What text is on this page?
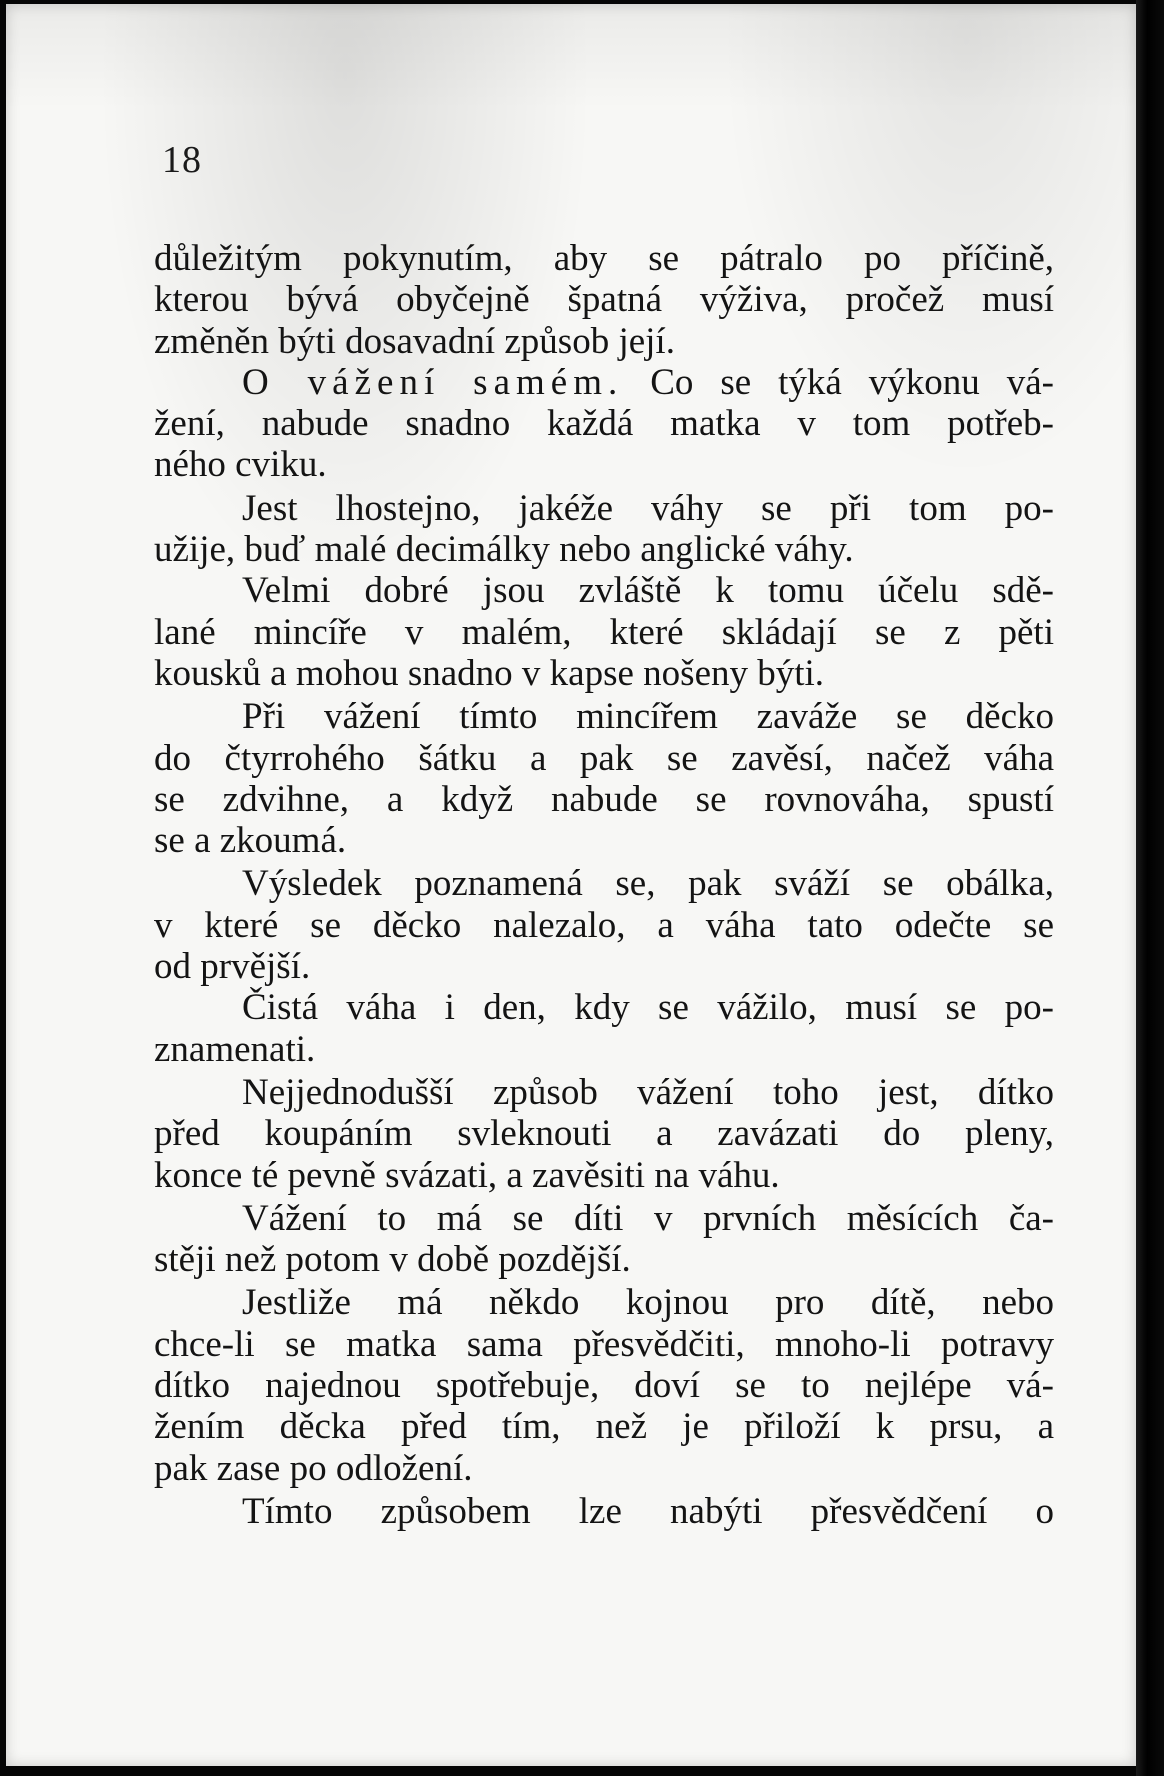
18
důležitým pokynutím, aby se pátralo po příčině,
kterou bývá obyčejně špatná výživa, pročež musí
změněn býti dosavadní způsob její.
O vážení samém. Co se týká výkonu vá-
žení, nabude snadno každá matka v tom potřeb-
ného cviku.
Jest lhostejno, jakéže váhy se při tom po-
užije, buď malé decimálky nebo anglické váhy.
Velmi dobré jsou zvláště k tomu účelu sdě-
lané mincíře v malém, které skládají se z pěti
kousků a mohou snadno v kapse nošeny býti.
Při vážení tímto mincířem zaváže se děcko
do čtyrrohého šátku a pak se zavěsí, načež váha
se zdvihne, a když nabude se rovnováha, spustí
se a zkoumá.
Výsledek poznamená se, pak sváží se obálka,
v které se děcko nalezalo, a váha tato odečte se
od prvější.
Čistá váha i den, kdy se vážilo, musí se po-
znamenati.
Nejjednodušší způsob vážení toho jest, dítko
před koupáním svleknouti a zavázati do pleny,
konce té pevně svázati, a zavěsiti na váhu.
Vážení to má se díti v prvních měsících ča-
stěji než potom v době pozdější.
Jestliže má někdo kojnou pro dítě, nebo
chce-li se matka sama přesvědčiti, mnoho-li potravy
dítko najednou spotřebuje, doví se to nejlépe vá-
žením děcka před tím, než je přiloží k prsu, a
pak zase po odložení.
Tímto způsobem lze nabýti přesvědčení o
